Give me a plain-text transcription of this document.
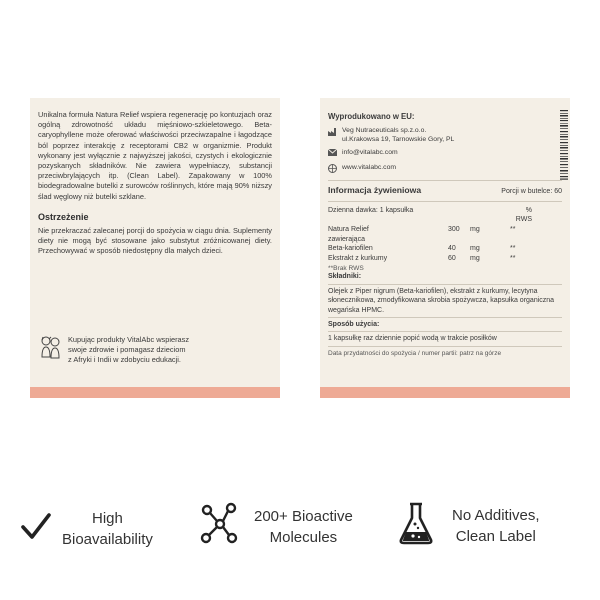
Unikalna formuła Natura Relief wspiera regenerację po kontuzjach oraz ogólną zdrowotność układu mięśniowo-szkieletowego. Beta-caryophyllene może oferować właściwości przeciwzapalne i łagodzące ból poprzez interakcję z receptorami CB2 w organizmie. Produkt wykonany jest wyłącznie z najwyższej jakości, czystych i ekologicznie pozyskanych składników. Nie zawiera wypełniaczy, substancji przeciwbrylających itp. (Clean Label). Zapakowany w 100% biodegradowalne butelki z surowców roślinnych, które mają 90% niższy ślad węglowy niż butelki szklane.

Ostrzeżenie

Nie przekraczać zalecanej porcji do spożycia w ciągu dnia. Suplementy diety nie mogą być stosowane jako substytut zróżnicowanej diety. Przechowywać w sposób niedostępny dla małych dzieci.

Kupując produkty VitalAbc wspierasz
swoje zdrowie i pomagasz dzieciom
z Afryki i Indii w zdobyciu edukacji.
Wyprodukowano w EU:
Veg Nutraceuticals sp.z.o.o.
ul.Krakowsa 19, Tarnowskie Gory, PL
info@vitalabc.com
www.vitalabc.com
Informacja żywieniowa	Porcji w butelce: 60
Dzienna dawka: 1 kapsułka			% RWS
Natura Relief	300	mg	**
zawierająca			
Beta-kariofilen	40	mg	**
Ekstrakt z kurkumy	60	mg	**
**Brak RWS
Składniki:
Olejek z Piper nigrum (Beta-kariofilen), ekstrakt z kurkumy, lecytyna słonecznikowa, zmodyfikowana skrobia spożywcza, kapsułka organiczna wegańska HPMC.
Sposób użycia:
1 kapsułkę raz dziennie popić wodą w trakcie posiłków
Data przydatności do spożycia / numer partii: patrz na górze
High
Bioavailability
200+ Bioactive
Molecules
No Additives,
Clean Label
